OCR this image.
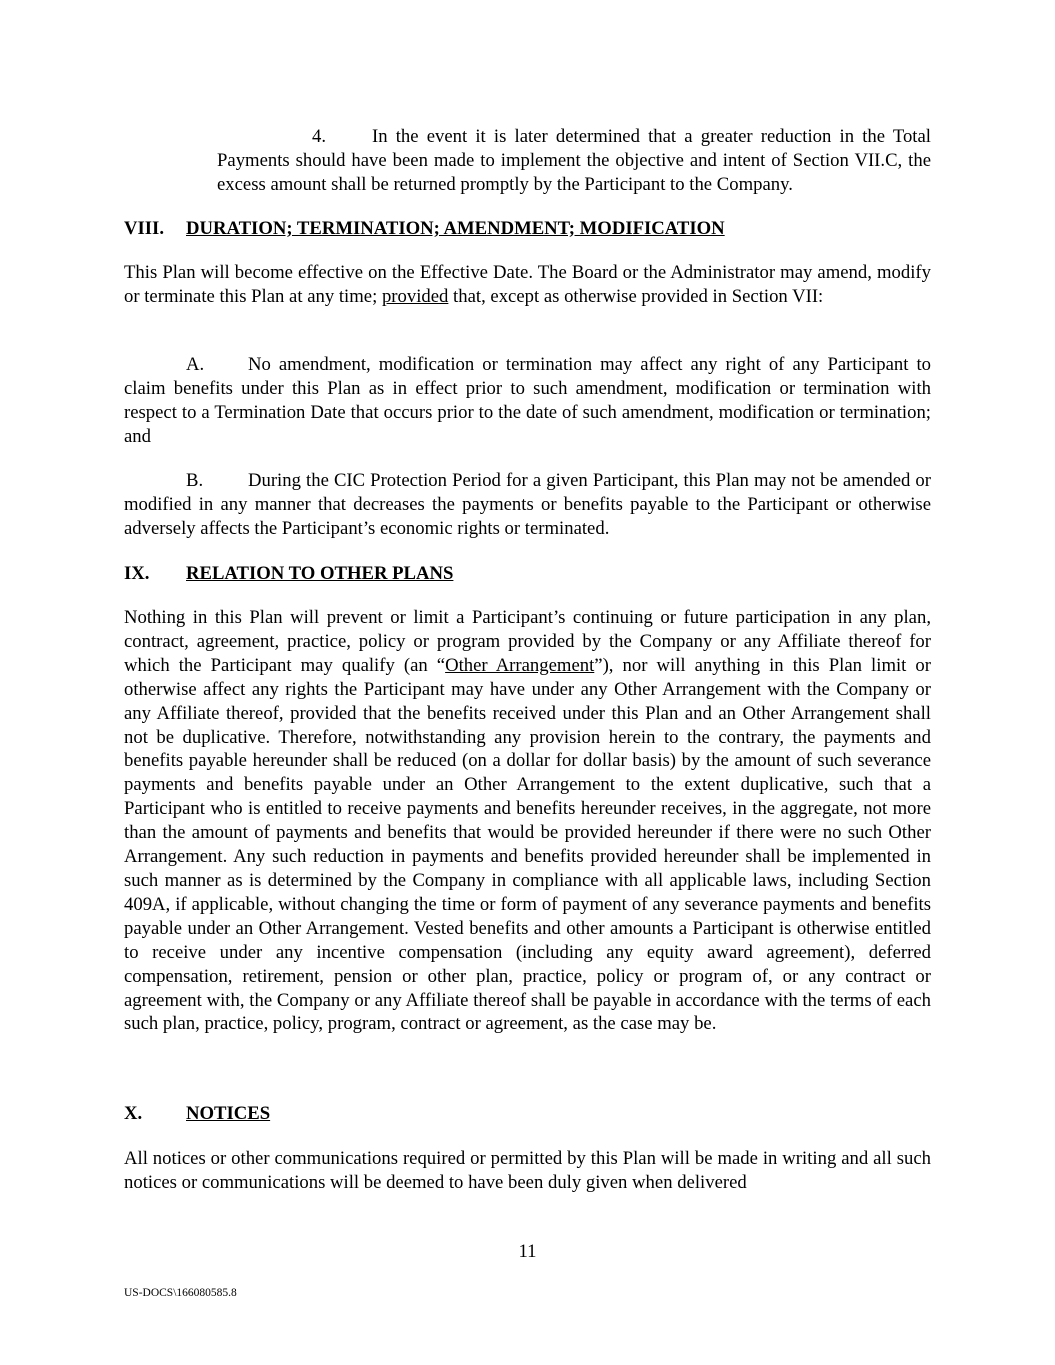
4. In the event it is later determined that a greater reduction in the Total Payments should have been made to implement the objective and intent of Section VII.C, the excess amount shall be returned promptly by the Participant to the Company.

VIII. DURATION; TERMINATION; AMENDMENT; MODIFICATION

This Plan will become effective on the Effective Date. The Board or the Administrator may amend, modify or terminate this Plan at any time; provided that, except as otherwise provided in Section VII:

A. No amendment, modification or termination may affect any right of any Participant to claim benefits under this Plan as in effect prior to such amendment, modification or termination with respect to a Termination Date that occurs prior to the date of such amendment, modification or termination; and

B. During the CIC Protection Period for a given Participant, this Plan may not be amended or modified in any manner that decreases the payments or benefits payable to the Participant or otherwise adversely affects the Participant’s economic rights or terminated.

IX. RELATION TO OTHER PLANS

Nothing in this Plan will prevent or limit a Participant’s continuing or future participation in any plan, contract, agreement, practice, policy or program provided by the Company or any Affiliate thereof for which the Participant may qualify (an “Other Arrangement”), nor will anything in this Plan limit or otherwise affect any rights the Participant may have under any Other Arrangement with the Company or any Affiliate thereof, provided that the benefits received under this Plan and an Other Arrangement shall not be duplicative. Therefore, notwithstanding any provision herein to the contrary, the payments and benefits payable hereunder shall be reduced (on a dollar for dollar basis) by the amount of such severance payments and benefits payable under an Other Arrangement to the extent duplicative, such that a Participant who is entitled to receive payments and benefits hereunder receives, in the aggregate, not more than the amount of payments and benefits that would be provided hereunder if there were no such Other Arrangement. Any such reduction in payments and benefits provided hereunder shall be implemented in such manner as is determined by the Company in compliance with all applicable laws, including Section 409A, if applicable, without changing the time or form of payment of any severance payments and benefits payable under an Other Arrangement. Vested benefits and other amounts a Participant is otherwise entitled to receive under any incentive compensation (including any equity award agreement), deferred compensation, retirement, pension or other plan, practice, policy or program of, or any contract or agreement with, the Company or any Affiliate thereof shall be payable in accordance with the terms of each such plan, practice, policy, program, contract or agreement, as the case may be.

X. NOTICES

All notices or other communications required or permitted by this Plan will be made in writing and all such notices or communications will be deemed to have been duly given when delivered

11
US-DOCS\166080585.8
